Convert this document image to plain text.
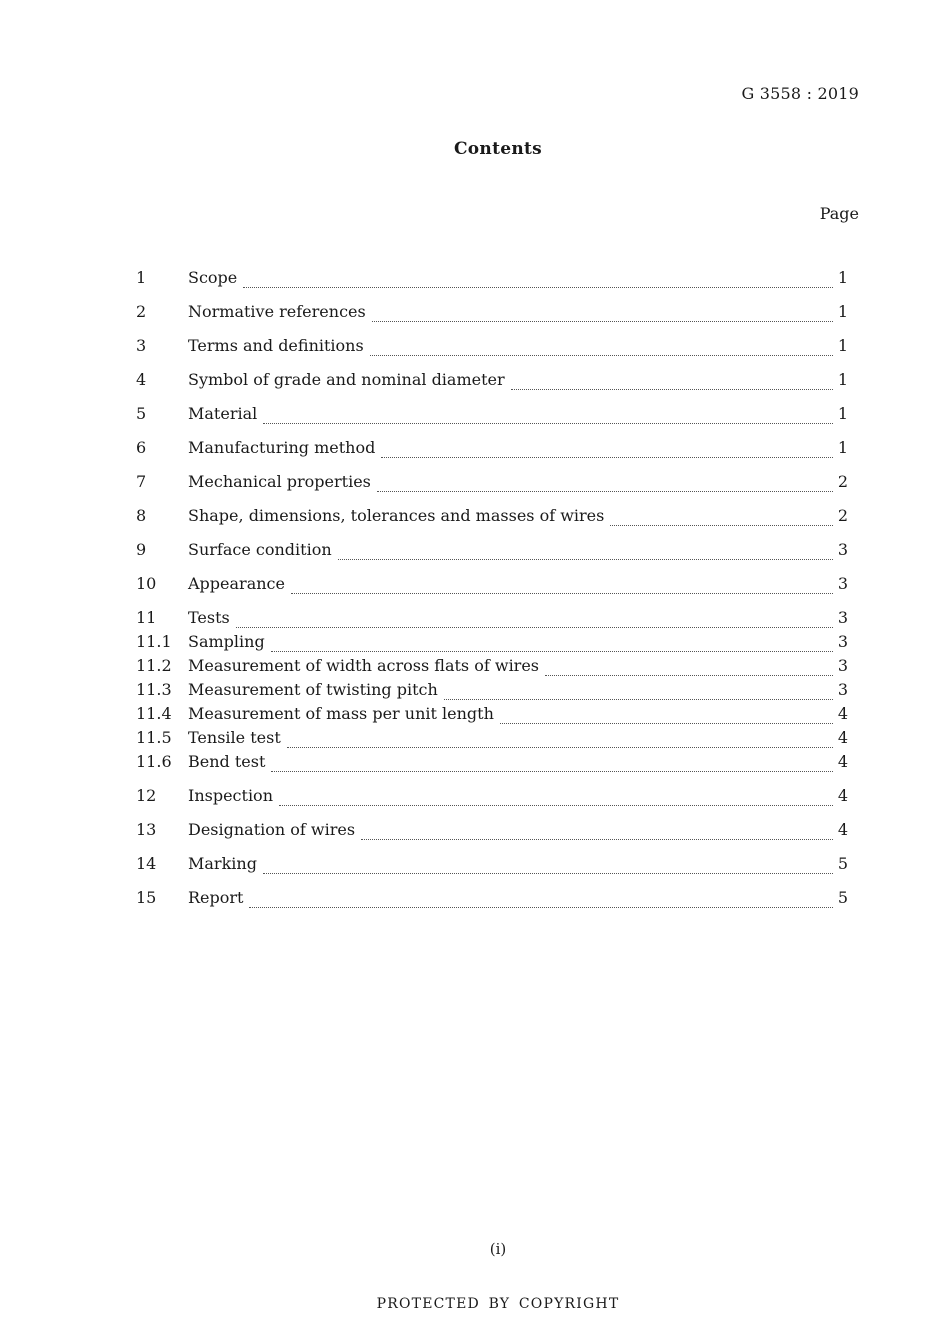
G 3558 : 2019
Contents
Page
1	Scope	1
2	Normative references	1
3	Terms and definitions	1
4	Symbol of grade and nominal diameter	1
5	Material	1
6	Manufacturing method	1
7	Mechanical properties	2
8	Shape, dimensions, tolerances and masses of wires	2
9	Surface condition	3
10	Appearance	3
11	Tests	3
11.1	Sampling	3
11.2	Measurement of width across flats of wires	3
11.3	Measurement of twisting pitch	3
11.4	Measurement of mass per unit length	4
11.5	Tensile test	4
11.6	Bend test	4
12	Inspection	4
13	Designation of wires	4
14	Marking	5
15	Report	5
(i)
PROTECTED BY COPYRIGHT
